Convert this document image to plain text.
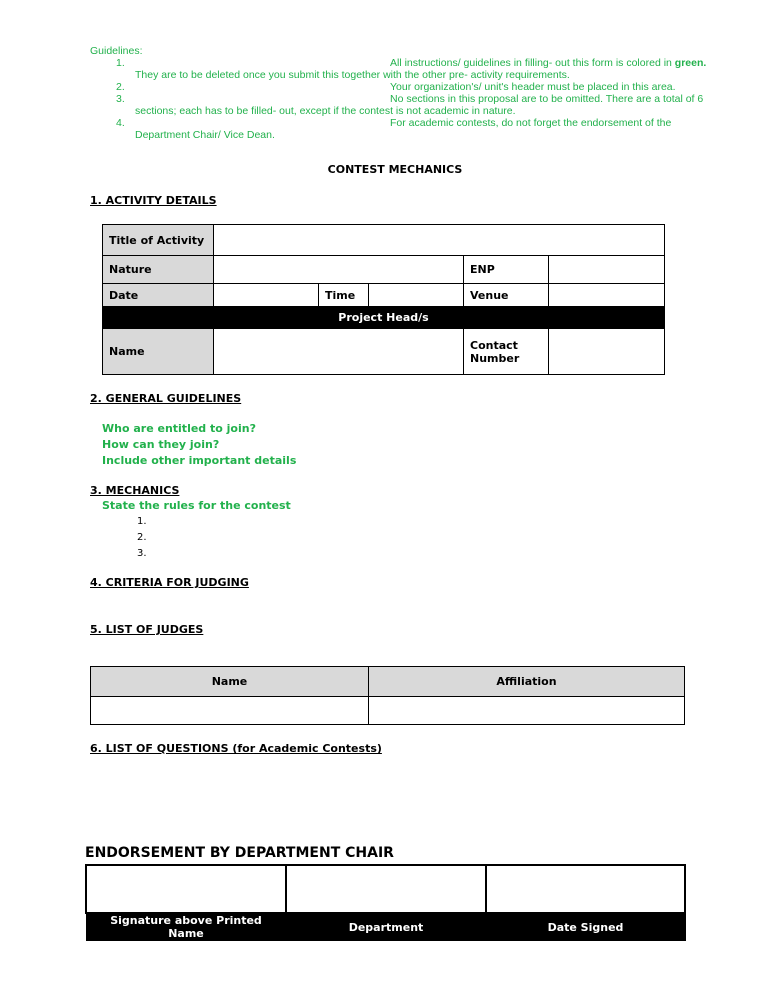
Guidelines:
1.	All instructions/ guidelines in filling- out this form is colored in green.
They are to be deleted once you submit this together with the other pre- activity requirements.
2.	Your organization's/ unit's header must be placed in this area.
3.	No sections in this proposal are to be omitted. There are a total of 6
sections; each has to be filled- out, except if the contest is not academic in nature.
4.	For academic contests, do not forget the endorsement of the
Department Chair/ Vice Dean.
CONTEST MECHANICS
1. ACTIVITY DETAILS
Title of Activity					
Nature				ENP	
Date		Time		Venue	
Project Head/s					
Name				Contact
Number	
2. GENERAL GUIDELINES
Who are entitled to join?
How can they join?
Include other important details
3. MECHANICS
State the rules for the contest
1.
2.
3.
4. CRITERIA FOR JUDGING
5. LIST OF JUDGES
Name	Affiliation

6. LIST OF QUESTIONS (for Academic Contests)
ENDORSEMENT BY DEPARTMENT CHAIR

Signature above Printed Name	Department	Date Signed
